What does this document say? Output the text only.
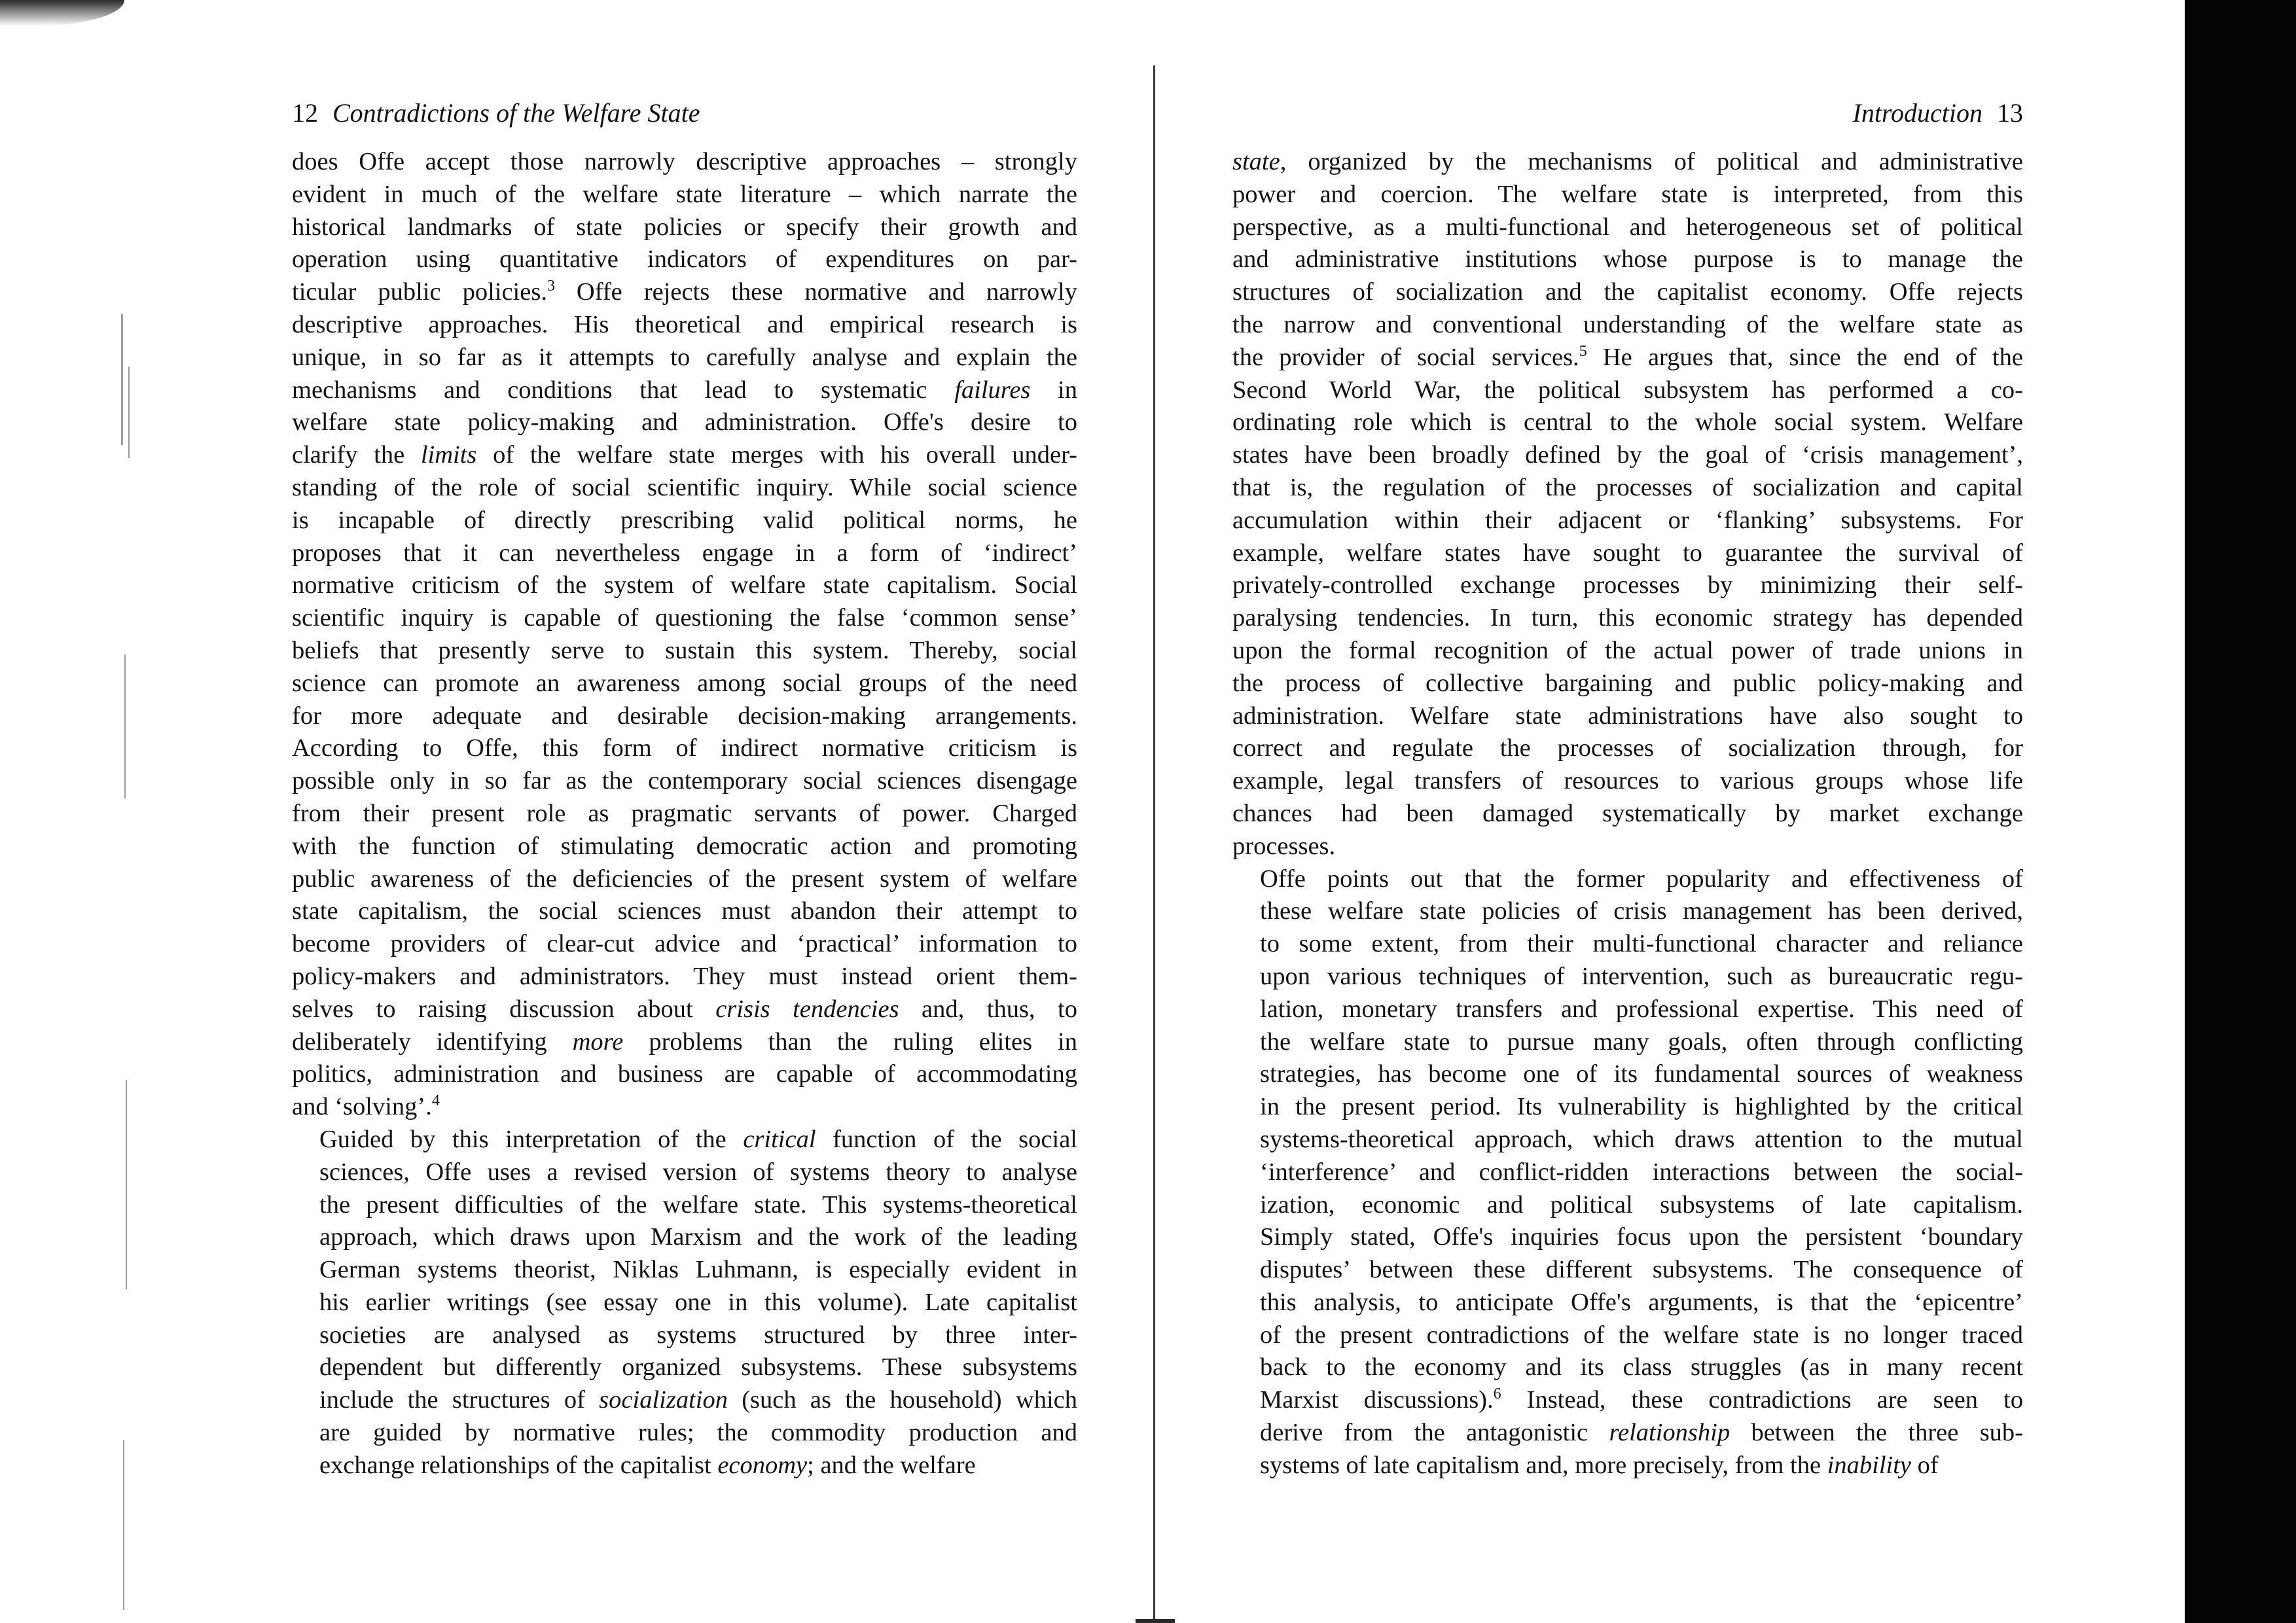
12 Contradictions of the Welfare State

does Offe accept those narrowly descriptive approaches – strongly
evident in much of the welfare state literature – which narrate the
historical landmarks of state policies or specify their growth and
operation using quantitative indicators of expenditures on par-
ticular public policies.$^3$ Offe rejects these normative and narrowly
descriptive approaches. His theoretical and empirical research is
unique, in so far as it attempts to carefully analyse and explain the
mechanisms and conditions that lead to systematic failures in
welfare state policy-making and administration. Offe's desire to
clarify the limits of the welfare state merges with his overall under-
standing of the role of social scientific inquiry. While social science
is incapable of directly prescribing valid political norms, he
proposes that it can nevertheless engage in a form of ‘indirect’
normative criticism of the system of welfare state capitalism. Social
scientific inquiry is capable of questioning the false ‘common sense’
beliefs that presently serve to sustain this system. Thereby, social
science can promote an awareness among social groups of the need
for more adequate and desirable decision-making arrangements.
According to Offe, this form of indirect normative criticism is
possible only in so far as the contemporary social sciences disengage
from their present role as pragmatic servants of power. Charged
with the function of stimulating democratic action and promoting
public awareness of the deficiencies of the present system of welfare
state capitalism, the social sciences must abandon their attempt to
become providers of clear-cut advice and ‘practical’ information to
policy-makers and administrators. They must instead orient them-
selves to raising discussion about crisis tendencies and, thus, to
deliberately identifying more problems than the ruling elites in
politics, administration and business are capable of accommodating
and ‘solving’.$^4$

Guided by this interpretation of the critical function of the social
sciences, Offe uses a revised version of systems theory to analyse
the present difficulties of the welfare state. This systems-theoretical
approach, which draws upon Marxism and the work of the leading
German systems theorist, Niklas Luhmann, is especially evident in
his earlier writings (see essay one in this volume). Late capitalist
societies are analysed as systems structured by three inter-
dependent but differently organized subsystems. These subsystems
include the structures of socialization (such as the household) which
are guided by normative rules; the commodity production and
exchange relationships of the capitalist economy; and the welfare

Introduction 13

state, organized by the mechanisms of political and administrative
power and coercion. The welfare state is interpreted, from this
perspective, as a multi-functional and heterogeneous set of political
and administrative institutions whose purpose is to manage the
structures of socialization and the capitalist economy. Offe rejects
the narrow and conventional understanding of the welfare state as
the provider of social services.$^5$ He argues that, since the end of the
Second World War, the political subsystem has performed a co-
ordinating role which is central to the whole social system. Welfare
states have been broadly defined by the goal of ‘crisis management’,
that is, the regulation of the processes of socialization and capital
accumulation within their adjacent or ‘flanking’ subsystems. For
example, welfare states have sought to guarantee the survival of
privately-controlled exchange processes by minimizing their self-
paralysing tendencies. In turn, this economic strategy has depended
upon the formal recognition of the actual power of trade unions in
the process of collective bargaining and public policy-making and
administration. Welfare state administrations have also sought to
correct and regulate the processes of socialization through, for
example, legal transfers of resources to various groups whose life
chances had been damaged systematically by market exchange
processes.

Offe points out that the former popularity and effectiveness of
these welfare state policies of crisis management has been derived,
to some extent, from their multi-functional character and reliance
upon various techniques of intervention, such as bureaucratic regu-
lation, monetary transfers and professional expertise. This need of
the welfare state to pursue many goals, often through conflicting
strategies, has become one of its fundamental sources of weakness
in the present period. Its vulnerability is highlighted by the critical
systems-theoretical approach, which draws attention to the mutual
‘interference’ and conflict-ridden interactions between the social-
ization, economic and political subsystems of late capitalism.
Simply stated, Offe's inquiries focus upon the persistent ‘boundary
disputes’ between these different subsystems. The consequence of
this analysis, to anticipate Offe's arguments, is that the ‘epicentre’
of the present contradictions of the welfare state is no longer traced
back to the economy and its class struggles (as in many recent
Marxist discussions).$^6$ Instead, these contradictions are seen to
derive from the antagonistic relationship between the three sub-
systems of late capitalism and, more precisely, from the inability of
